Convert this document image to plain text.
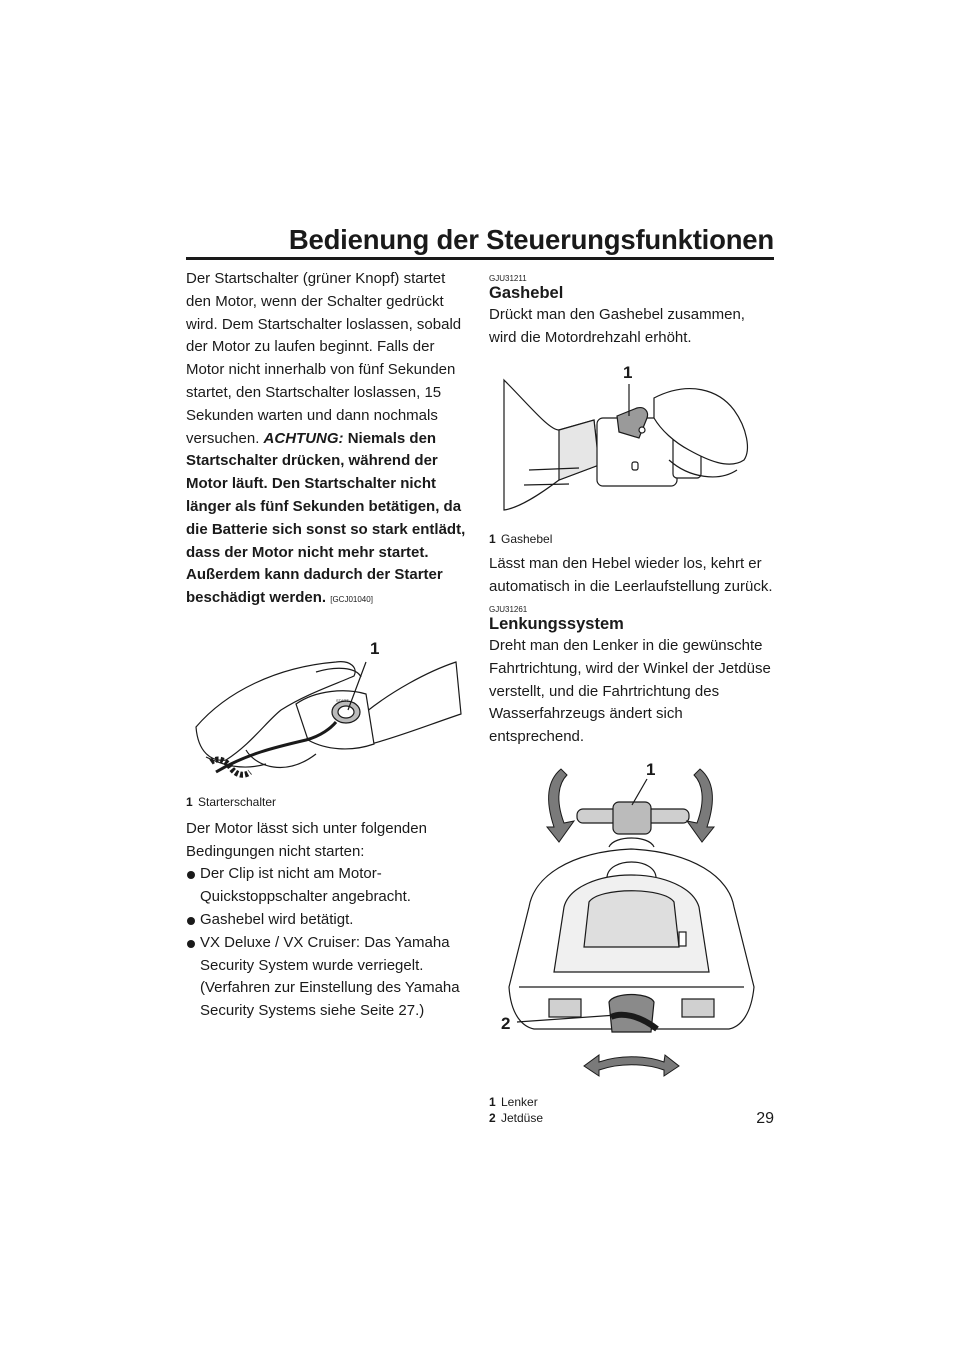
Bedienung der Steuerungsfunktionen

Der Startschalter (grüner Knopf) startet den Motor, wenn der Schalter gedrückt wird. Dem Startschalter loslassen, sobald der Motor zu laufen beginnt. Falls der Motor nicht innerhalb von fünf Sekunden startet, den Startschalter loslassen, 15 Sekunden warten und dann nochmals versuchen. ACHTUNG: Niemals den Startschalter drücken, während der Motor läuft. Den Startschalter nicht länger als fünf Sekunden betätigen, da die Batterie sich sonst so stark entlädt, dass der Motor nicht mehr startet. Außerdem kann dadurch der Starter beschädigt werden. [GCJ01040]

1
START
1 Starterschalter

Der Motor lässt sich unter folgenden Bedingungen nicht starten:

Der Clip ist nicht am Motor-Quickstoppschalter angebracht.
Gashebel wird betätigt.
VX Deluxe / VX Cruiser: Das Yamaha Security System wurde verriegelt. (Verfahren zur Einstellung des Yamaha Security Systems siehe Seite 27.)
GJU31211
Gashebel

Drückt man den Gashebel zusammen, wird die Motordrehzahl erhöht.

1
1 Gashebel

Lässt man den Hebel wieder los, kehrt er automatisch in die Leerlaufstellung zurück.

GJU31261
Lenkungssystem

Dreht man den Lenker in die gewünschte Fahrtrichtung, wird der Winkel der Jetdüse verstellt, und die Fahrtrichtung des Wasserfahrzeugs ändert sich entsprechend.

1
2
1 Lenker
2 Jetdüse	29
